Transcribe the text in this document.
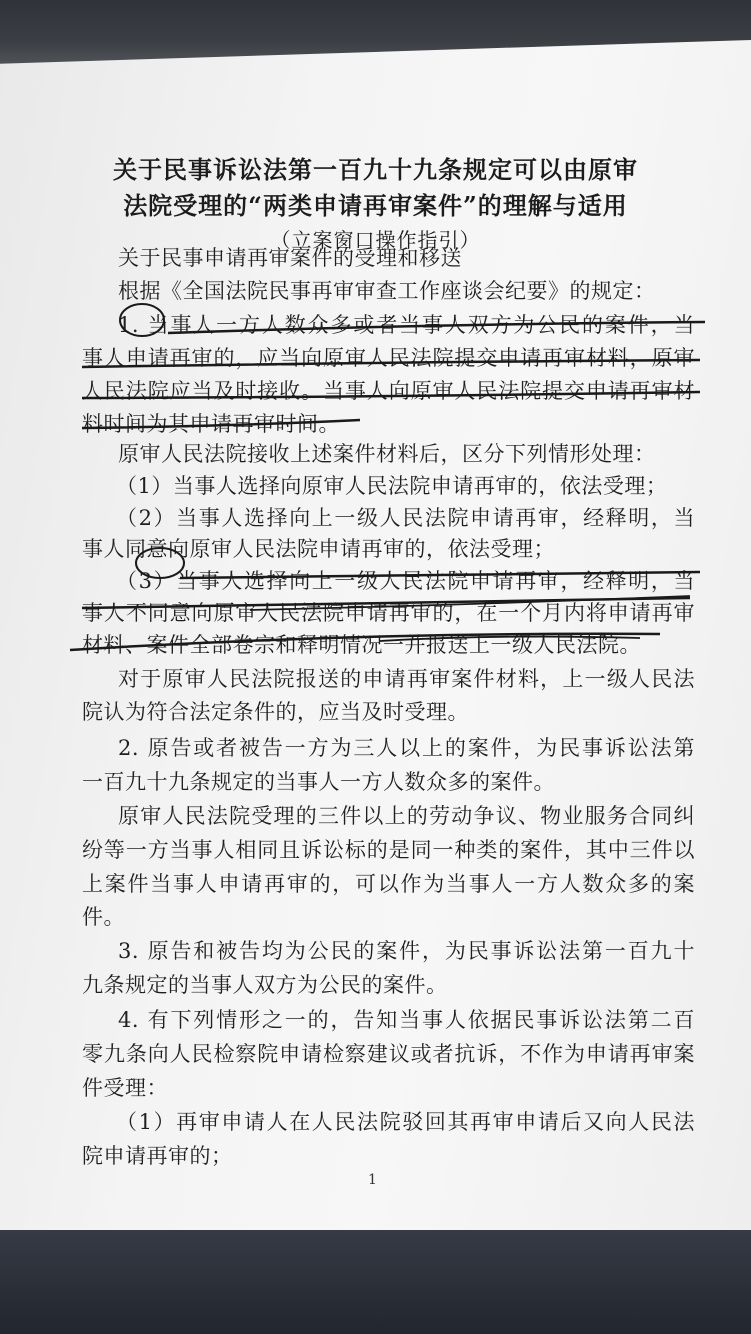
关于民事诉讼法第一百九十九条规定可以由原审
法院受理的“两类申请再审案件”的理解与适用
（立案窗口操作指引）
关于民事申请再审案件的受理和移送
根据《全国法院民事再审审查工作座谈会纪要》的规定：
1. 当事人一方人数众多或者当事人双方为公民的案件，当
事人申请再审的，应当向原审人民法院提交申请再审材料，原审
人民法院应当及时接收。当事人向原审人民法院提交申请再审材
料时间为其申请再审时间。
原审人民法院接收上述案件材料后，区分下列情形处理：
（1）当事人选择向原审人民法院申请再审的，依法受理；
（2）当事人选择向上一级人民法院申请再审，经释明，当
事人同意向原审人民法院申请再审的，依法受理；
（3）当事人选择向上一级人民法院申请再审，经释明，当
事人不同意向原审人民法院申请再审的，在一个月内将申请再审
材料、案件全部卷宗和释明情况一并报送上一级人民法院。
对于原审人民法院报送的申请再审案件材料，上一级人民法
院认为符合法定条件的，应当及时受理。
2. 原告或者被告一方为三人以上的案件，为民事诉讼法第
一百九十九条规定的当事人一方人数众多的案件。
原审人民法院受理的三件以上的劳动争议、物业服务合同纠
纷等一方当事人相同且诉讼标的是同一种类的案件，其中三件以
上案件当事人申请再审的，可以作为当事人一方人数众多的案
件。
3. 原告和被告均为公民的案件，为民事诉讼法第一百九十
九条规定的当事人双方为公民的案件。
4. 有下列情形之一的，告知当事人依据民事诉讼法第二百
零九条向人民检察院申请检察建议或者抗诉，不作为申请再审案
件受理：
（1）再审申请人在人民法院驳回其再审申请后又向人民法
院申请再审的；
1
